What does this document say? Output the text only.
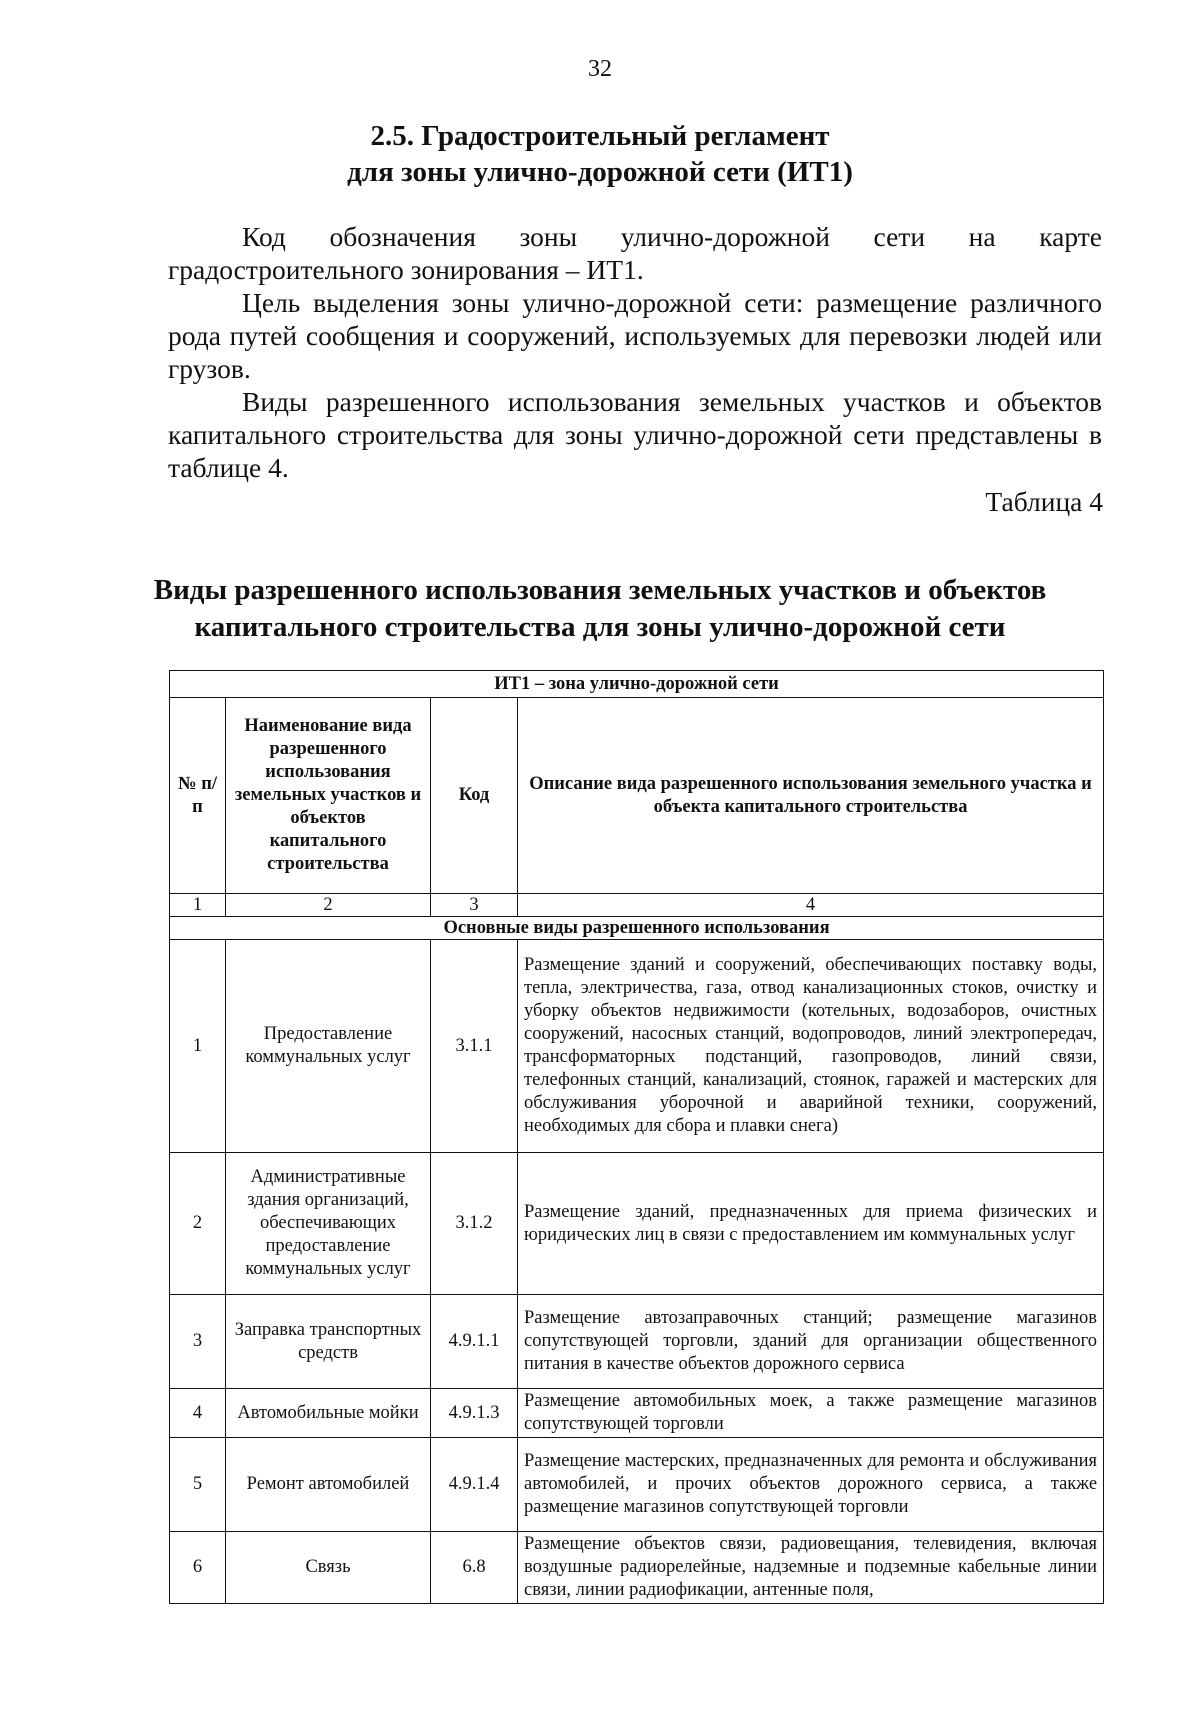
32
2.5. Градостроительный регламент
для зоны улично-дорожной сети (ИТ1)

Код обозначения зоны улично-дорожной сети на карте градостроительного зонирования – ИТ1.

Цель выделения зоны улично-дорожной сети: размещение различного рода путей сообщения и сооружений, используемых для перевозки людей или грузов.

Виды разрешенного использования земельных участков и объектов капитального строительства для зоны улично-дорожной сети представлены в таблице 4.

Таблица 4
Виды разрешенного использования земельных участков и объектов
капитального строительства для зоны улично-дорожной сети
ИТ1 – зона улично-дорожной сети			
№ п/п	Наименование вида разрешенного использования земельных участков и объектов капитального строительства	Код	Описание вида разрешенного использования земельного участка и объекта капитального строительства
1	2	3	4
Основные виды разрешенного использования			
1	Предоставление коммунальных услуг	3.1.1	Размещение зданий и сооружений, обеспечивающих поставку воды, тепла, электричества, газа, отвод канализационных стоков, очистку и уборку объектов недвижимости (котельных, водозаборов, очистных сооружений, насосных станций, водопроводов, линий электропередач, трансформаторных подстанций, газопроводов, линий связи, телефонных станций, канализаций, стоянок, гаражей и мастерских для обслуживания уборочной и аварийной техники, сооружений, необходимых для сбора и плавки снега)
2	Административные здания организаций, обеспечивающих предоставление коммунальных услуг	3.1.2	Размещение зданий, предназначенных для приема физических и юридических лиц в связи с предоставлением им коммунальных услуг
3	Заправка транспортных средств	4.9.1.1	Размещение автозаправочных станций; размещение магазинов сопутствующей торговли, зданий для организации общественного питания в качестве объектов дорожного сервиса
4	Автомобильные мойки	4.9.1.3	Размещение автомобильных моек, а также размещение магазинов сопутствующей торговли
5	Ремонт автомобилей	4.9.1.4	Размещение мастерских, предназначенных для ремонта и обслуживания автомобилей, и прочих объектов дорожного сервиса, а также размещение магазинов сопутствующей торговли
6	Связь	6.8	Размещение объектов связи, радиовещания, телевидения, включая воздушные радиорелейные, надземные и подземные кабельные линии связи, линии радиофикации, антенные поля,
